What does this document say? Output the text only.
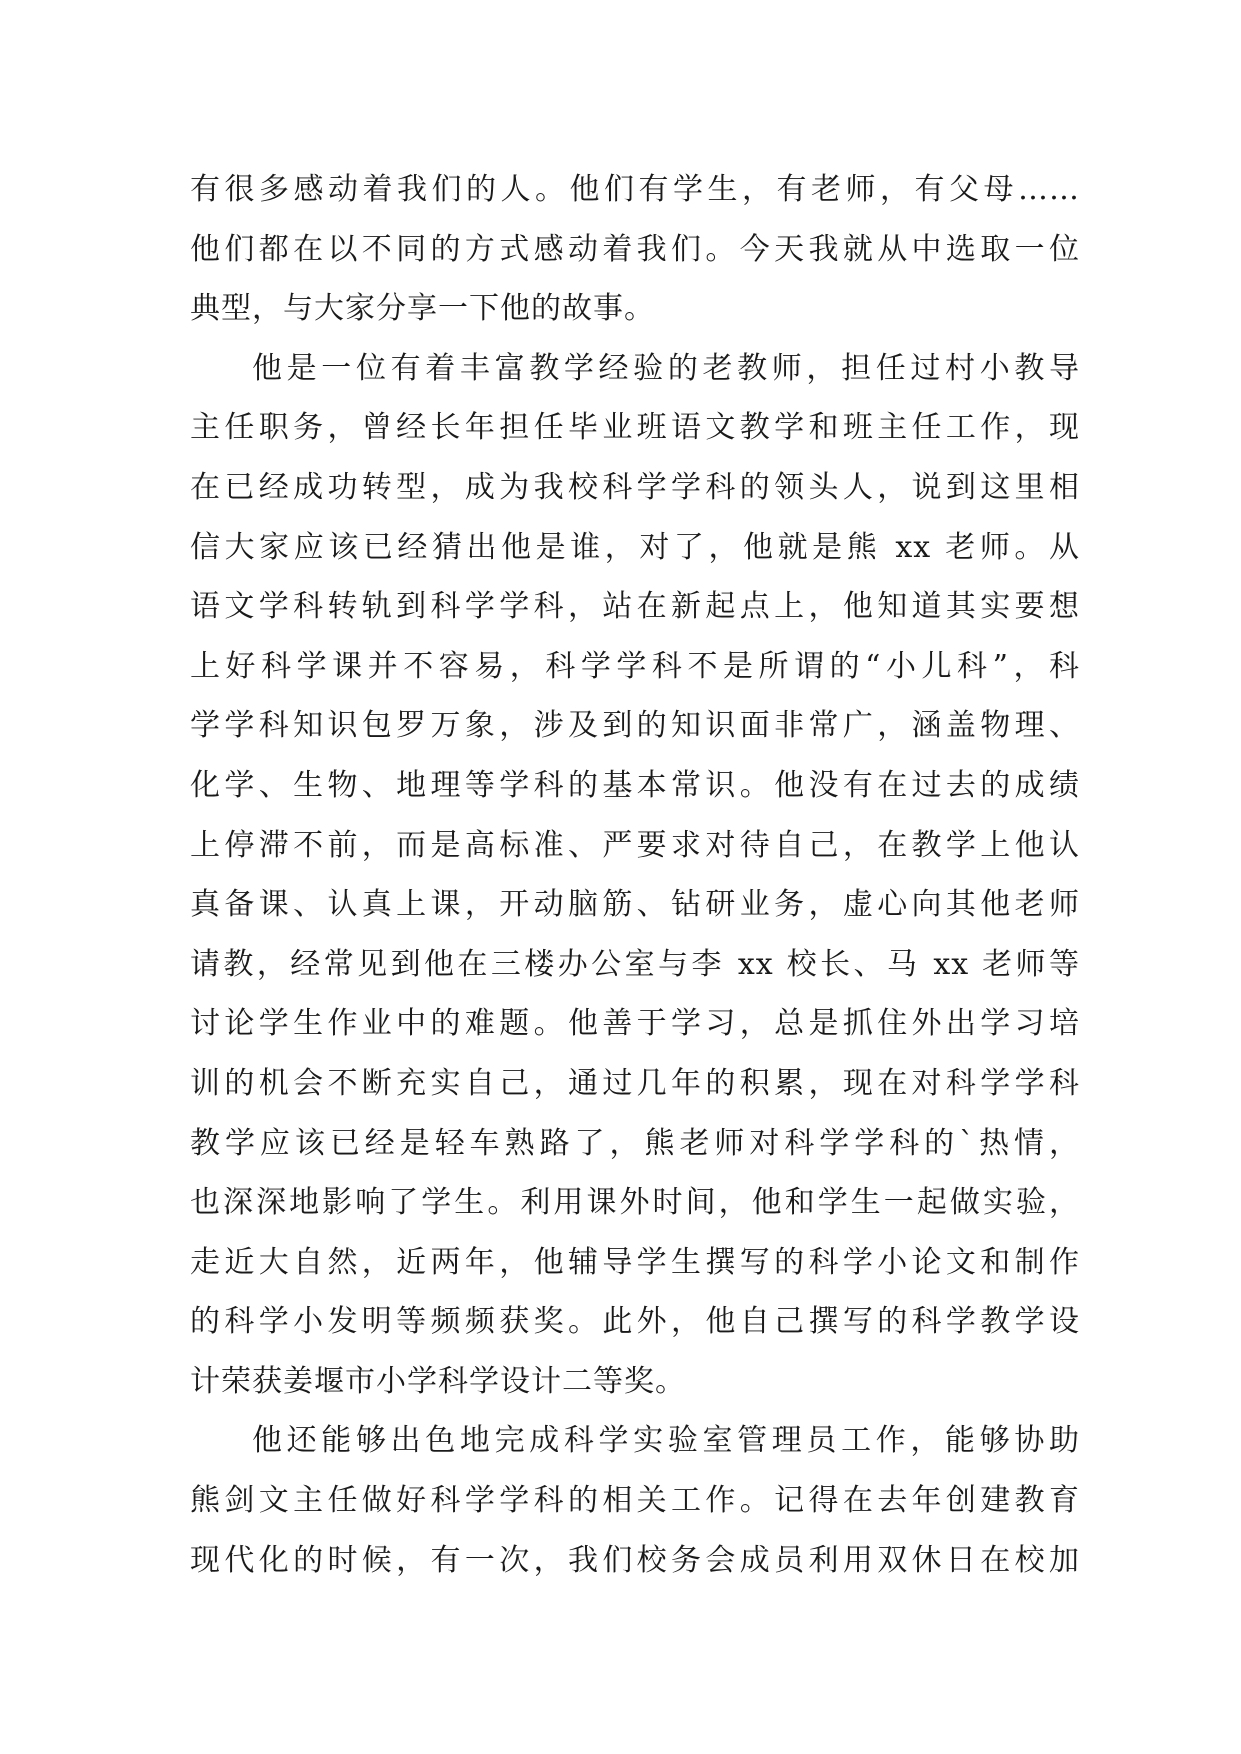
有很多感动着我们的人。他们有学生，有老师，有父母……
他们都在以不同的方式感动着我们。今天我就从中选取一位
典型，与大家分享一下他的故事。
他是一位有着丰富教学经验的老教师，担任过村小教导
主任职务，曾经长年担任毕业班语文教学和班主任工作，现
在已经成功转型，成为我校科学学科的领头人，说到这里相
信大家应该已经猜出他是谁，对了，他就是熊 xx 老师。从
语文学科转轨到科学学科，站在新起点上，他知道其实要想
上好科学课并不容易，科学学科不是所谓的“小儿科”，科
学学科知识包罗万象，涉及到的知识面非常广，涵盖物理、
化学、生物、地理等学科的基本常识。他没有在过去的成绩
上停滞不前，而是高标准、严要求对待自己，在教学上他认
真备课、认真上课，开动脑筋、钻研业务，虚心向其他老师
请教，经常见到他在三楼办公室与李 xx 校长、马 xx 老师等
讨论学生作业中的难题。他善于学习，总是抓住外出学习培
训的机会不断充实自己，通过几年的积累，现在对科学学科
教学应该已经是轻车熟路了，熊老师对科学学科的`热情，
也深深地影响了学生。利用课外时间，他和学生一起做实验，
走近大自然，近两年，他辅导学生撰写的科学小论文和制作
的科学小发明等频频获奖。此外，他自己撰写的科学教学设
计荣获姜堰市小学科学设计二等奖。
他还能够出色地完成科学实验室管理员工作，能够协助
熊剑文主任做好科学学科的相关工作。记得在去年创建教育
现代化的时候，有一次，我们校务会成员利用双休日在校加
